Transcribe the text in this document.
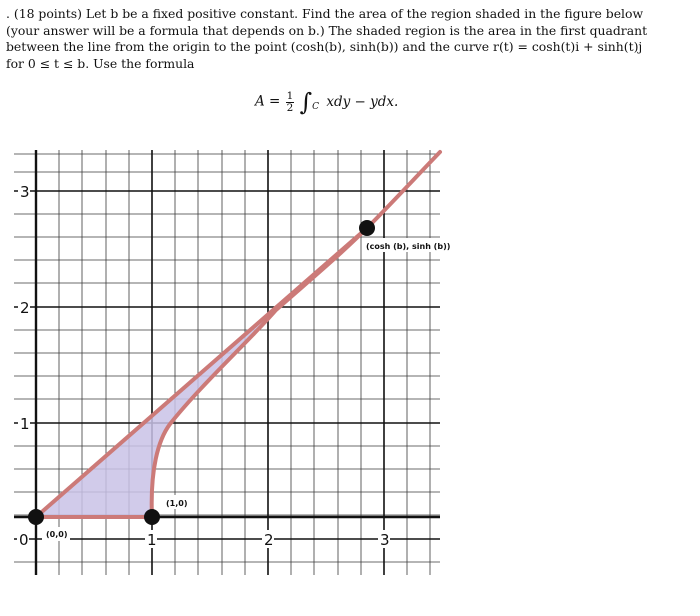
. (18 points) Let b be a fixed positive constant. Find the area of the region shaded in the figure below

(your answer will be a formula that depends on b.) The shaded region is the area in the first quadrant

between the line from the origin to the point (cosh(b), sinh(b)) and the curve r(t) = cosh(t)i + sinh(t)j

for 0 ≤ t ≤ b. Use the formula

$A = \frac{1}{2} \int_C$ xdy − ydx.
(cosh (b), sinh (b))
(1,0)
(0,0)
0	1	2	3
3
2
1
